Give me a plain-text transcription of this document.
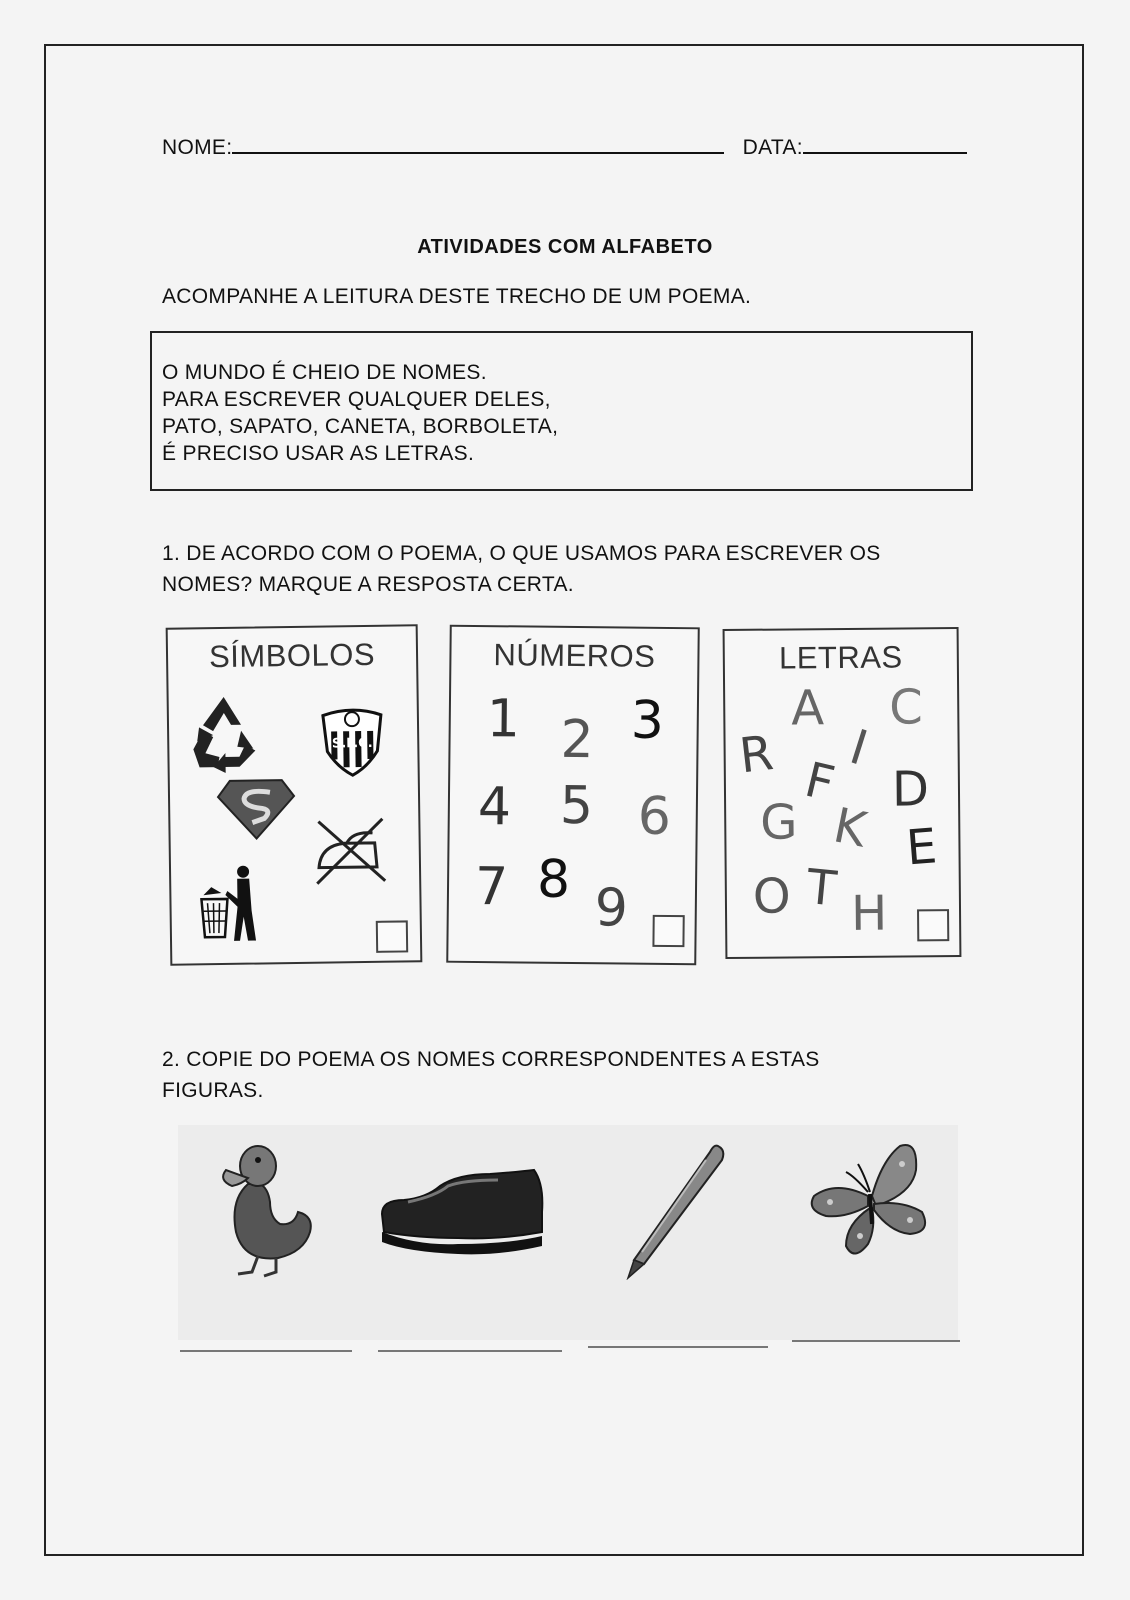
NOME:	DATA:
ATIVIDADES COM ALFABETO
ACOMPANHE A LEITURA DESTE TRECHO DE UM POEMA.
O MUNDO É CHEIO DE NOMES.
PARA ESCREVER QUALQUER DELES,
PATO, SAPATO, CANETA, BORBOLETA,
É PRECISO USAR AS LETRAS.
1. DE ACORDO COM O POEMA, O QUE USAMOS PARA ESCREVER OS
NOMES? MARQUE A RESPOSTA CERTA.
SÍMBOLOS
S.F.C.
NÚMEROS
1 2 3
4 5 6
7 8 9
LETRAS
A C
R I
F D
G K E
O T H
2. COPIE DO POEMA OS NOMES CORRESPONDENTES A ESTAS
FIGURAS.
